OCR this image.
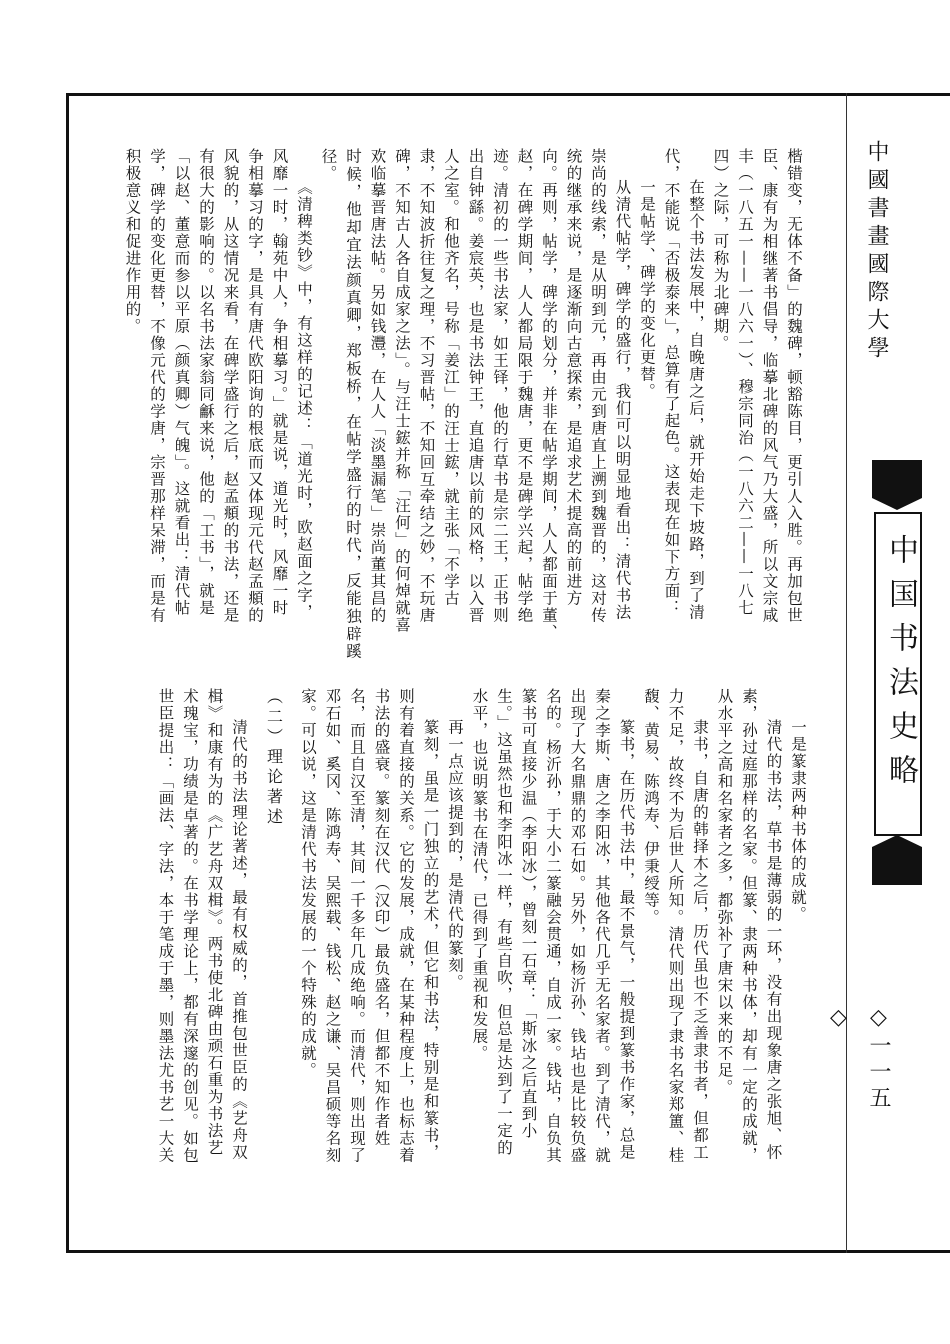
中國書畫國際大學
中国书法史略
◇一一五◇

楷错变，无体不备」的魏碑，顿豁陈目，更引人入胜。再加包世

臣、康有为相继著书倡导，临摹北碑的风气乃大盛，所以文宗咸

丰（一八五一——一八六一）、穆宗同治（一八六二——一八七

四）之际，可称为北碑期。

在整个书法发展中，自晚唐之后，就开始走下坡路，到了清

代，不能说「否极泰来」，总算有了起色。这表现在如下方面：

一是帖学、碑学的变化更替。

从清代帖学，碑学的盛行，我们可以明显地看出：清代书法

崇尚的线索，是从明到元，再由元到唐直上溯到魏晋的，这对传

统的继承来说，是逐渐向古意探索，是追求艺术提高的前进方

向。再则，帖学，碑学的划分，并非在帖学期间，人人都面于董、

赵，在碑学期间，人人都局限于魏唐，更不是碑学兴起，帖学绝

迹。清初的一些书法家，如王铎，他的行草书是宗二王，正书则

出自钟繇。姜宸英，也是书法钟王，直追唐以前的风格，以入晋

人之室。和他齐名，号称「姜江」的汪士鋐，就主张「不学古

隶，不知波折往复之理，不习晋帖，不知回互牵结之妙，不玩唐

碑，不知古人各自成家之法」。与汪士鋐并称「汪何」的何焯就喜

欢临摹晋唐法帖。另如钱灃，在人人「淡墨漏笔」崇尚董其昌的

时候，他却宜法颜真卿，郑板桥，在帖学盛行的时代，反能独辟蹊径。

《清稗类钞》中，有这样的记述：「道光时，欧赵面之字，

风靡一时，翰苑中人，争相摹习。」就是说，道光时，风靡一时

争相摹习的字，是具有唐代欧阳询的根底而又体现元代赵孟頫的

风貌的，从这情况来看，在碑学盛行之后，赵孟頫的书法，还是

有很大的影响的。以名书法家翁同龢来说，他的「工书」，就是

「以赵、董意而参以平原（颜真卿）气魄」。这就看出：清代帖

学，碑学的变化更替，不像元代的学唐，宗晋那样呆滞，而是有

积极意义和促进作用的。

一是篆隶两种书体的成就。

清代的书法，草书是薄弱的一环，没有出现象唐之张旭、怀

素，孙过庭那样的名家。但篆、隶两种书体，却有一定的成就，

从水平之高和名家者之多，都弥补了唐宋以来的不足。

隶书，自唐的韩择木之后，历代虽也不乏善隶书者，但都工

力不足，故终不为后世人所知。清代则出现了隶书名家郑簠、桂

馥、黄易、陈鸿寿、伊秉绶等。

篆书，在历代书法中，最不景气，一般提到篆书作家，总是

秦之李斯、唐之李阳冰，其他各代几乎无名家者。到了清代，就

出现了大名鼎鼎的邓石如。另外，如杨沂孙、钱坫也是比较负盛

名的。杨沂孙，于大小二篆融会贯通，自成一家。钱坫，自负其

篆书可直接少温（李阳冰），曾刻一石章：「斯冰之后直到小

生。」这虽然也和李阳冰一样，有些自吹，但总是达到了一定的

水平，也说明篆书在清代，已得到了重视和发展。

再一点应该提到的，是清代的篆刻。

篆刻，虽是一门独立的艺术，但它和书法，特别是和篆书，

则有着直接的关系。它的发展，成就，在某种程度上，也标志着

书法的盛衰。篆刻在汉代（汉印）最负盛名，但都不知作者姓

名，而且自汉至清，其间一千多年几成绝响。而清代，则出现了

邓石如、奚冈、陈鸿寿、吴熙载、钱松、赵之谦、吴昌硕等名刻

家。可以说，这是清代书法发展的一个特殊的成就。

（二）理论著述

清代的书法理论著述，最有权威的，首推包世臣的《艺舟双

楫》和康有为的《广艺舟双楫》。两书使北碑由顽石重为书法艺

术瑰宝，功绩是卓著的。在书学理论上，都有深邃的创见。如包

世臣提出：「画法、字法，本于笔成于墨，则墨法尤书艺一大关
